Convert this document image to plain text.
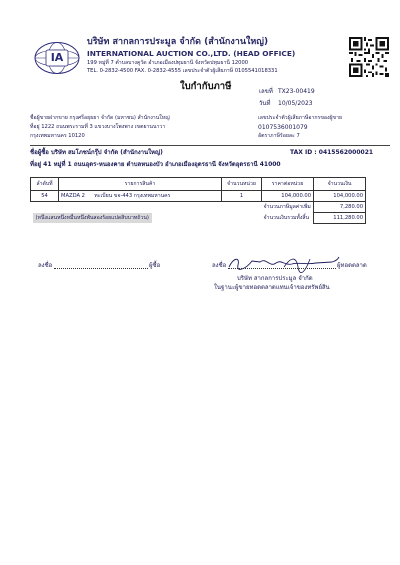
IA
บริษัท สากลการประมูล จำกัด (สำนักงานใหญ่)
INTERNATIONAL AUCTION CO.,LTD. (HEAD OFFICE)
199 หมู่ที่ 7 ตำบลบางคูวัด อำเภอเมืองปทุมธานี จังหวัดปทุมธานี 12000
TEL. 0-2832-4500 FAX. 0-2832-4555 เลขประจำตัวผู้เสียภาษี 0105541018331
ใบกำกับภาษี	เลขที่ TX23-00419
วันที่ 10/05/2023
ชื่อผู้ขายฝากขาย กรุงศรีอยุธยา จำกัด (มหาชน) สำนักงานใหญ่
ที่อยู่ 1222 ถนนพระรามที่ 3 แขวงบางโพงพาง เขตยานนาวา
กรุงเทพมหานคร 10120
เลขประจำตัวผู้เสียภาษีอากรของผู้ขาย
0107536001079
อัตราภาษีร้อยละ 7
ชื่อผู้ซื้อ บริษัท สมโภชน์กรุ๊ป จำกัด (สำนักงานใหญ่)	TAX ID : 0415562000021
ที่อยู่ 41 หมู่ที่ 1 ถนนอุดร-หนองคาย ตำบลหนองบัว อำเภอเมืองอุดรธานี จังหวัดอุดรธานี 41000
ลำดับที่	รายการสินค้า	จำนวนหน่วย	ราคาต่อหน่วย	จำนวนเงิน
54	MAZDA 2 ทะเบียน ขจ-443 กรุงเทพมหานคร	1	104,000.00	104,000.00
			จำนวนภาษีมูลค่าเพิ่ม	7,280.00
(หนึ่งแสนหนึ่งหมื่นหนึ่งพันสองร้อยแปดสิบบาทถ้วน)			จำนวนเงินรวมทั้งสิ้น	111,280.00
ลงชื่อ	ผู้ซื้อ	ลงชื่อ	ผู้ทอดตลาด
บริษัท สากลการประมูล จำกัด
ในฐานะผู้ขายทอดตลาดแทนเจ้าของทรัพย์สิน
